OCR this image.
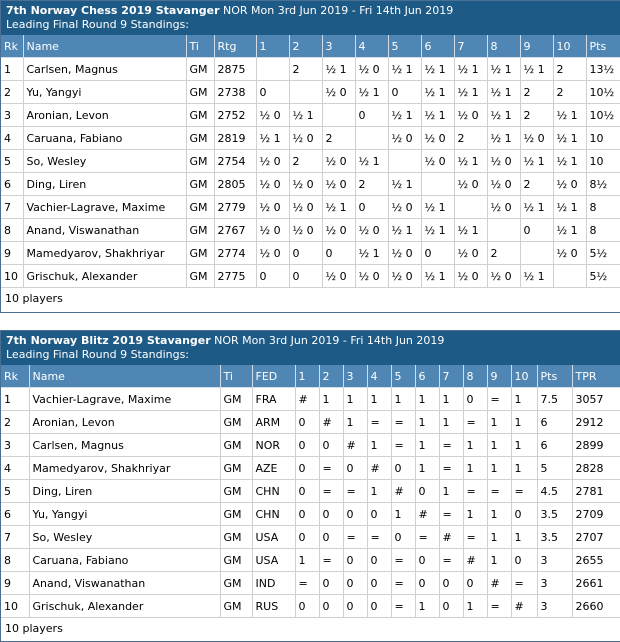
7th Norway Chess 2019 Stavanger NOR Mon 3rd Jun 2019 - Fri 14th Jun 2019
Leading Final Round 9 Standings:
Rk	Name	Ti	Rtg	1	2	3	4	5	6	7	8	9	10	Pts
1	Carlsen, Magnus	GM	2875		2	½ 1	½ 0	½ 1	½ 1	½ 1	½ 1	½ 1	2	13½
2	Yu, Yangyi	GM	2738	0		½ 0	½ 1	0	½ 1	½ 1	½ 1	2	2	10½
3	Aronian, Levon	GM	2752	½ 0	½ 1		0	½ 1	½ 1	½ 0	½ 1	2	½ 1	10½
4	Caruana, Fabiano	GM	2819	½ 1	½ 0	2		½ 0	½ 0	2	½ 1	½ 0	½ 1	10
5	So, Wesley	GM	2754	½ 0	2	½ 0	½ 1		½ 0	½ 1	½ 0	½ 1	½ 1	10
6	Ding, Liren	GM	2805	½ 0	½ 0	½ 0	2	½ 1		½ 0	½ 0	2	½ 0	8½
7	Vachier-Lagrave, Maxime	GM	2779	½ 0	½ 0	½ 1	0	½ 0	½ 1		½ 0	½ 1	½ 1	8
8	Anand, Viswanathan	GM	2767	½ 0	½ 0	½ 0	½ 0	½ 1	½ 1	½ 1		0	½ 1	8
9	Mamedyarov, Shakhriyar	GM	2774	½ 0	0	0	½ 1	½ 0	0	½ 0	2		½ 0	5½
10	Grischuk, Alexander	GM	2775	0	0	½ 0	½ 0	½ 0	½ 1	½ 0	½ 0	½ 1		5½
10 players
7th Norway Blitz 2019 Stavanger NOR Mon 3rd Jun 2019 - Fri 14th Jun 2019
Leading Final Round 9 Standings:
Rk	Name	Ti	FED	1	2	3	4	5	6	7	8	9	10	Pts	TPR
1	Vachier-Lagrave, Maxime	GM	FRA	#	1	1	1	1	1	1	0	=	1	7.5	3057
2	Aronian, Levon	GM	ARM	0	#	1	=	=	1	1	=	1	1	6	2912
3	Carlsen, Magnus	GM	NOR	0	0	#	1	=	1	=	1	1	1	6	2899
4	Mamedyarov, Shakhriyar	GM	AZE	0	=	0	#	0	1	=	1	1	1	5	2828
5	Ding, Liren	GM	CHN	0	=	=	1	#	0	1	=	=	=	4.5	2781
6	Yu, Yangyi	GM	CHN	0	0	0	0	1	#	=	1	1	0	3.5	2709
7	So, Wesley	GM	USA	0	0	=	=	0	=	#	=	1	1	3.5	2707
8	Caruana, Fabiano	GM	USA	1	=	0	0	=	0	=	#	1	0	3	2655
9	Anand, Viswanathan	GM	IND	=	0	0	0	=	0	0	0	#	=	3	2661
10	Grischuk, Alexander	GM	RUS	0	0	0	0	=	1	0	1	=	#	3	2660
10 players
